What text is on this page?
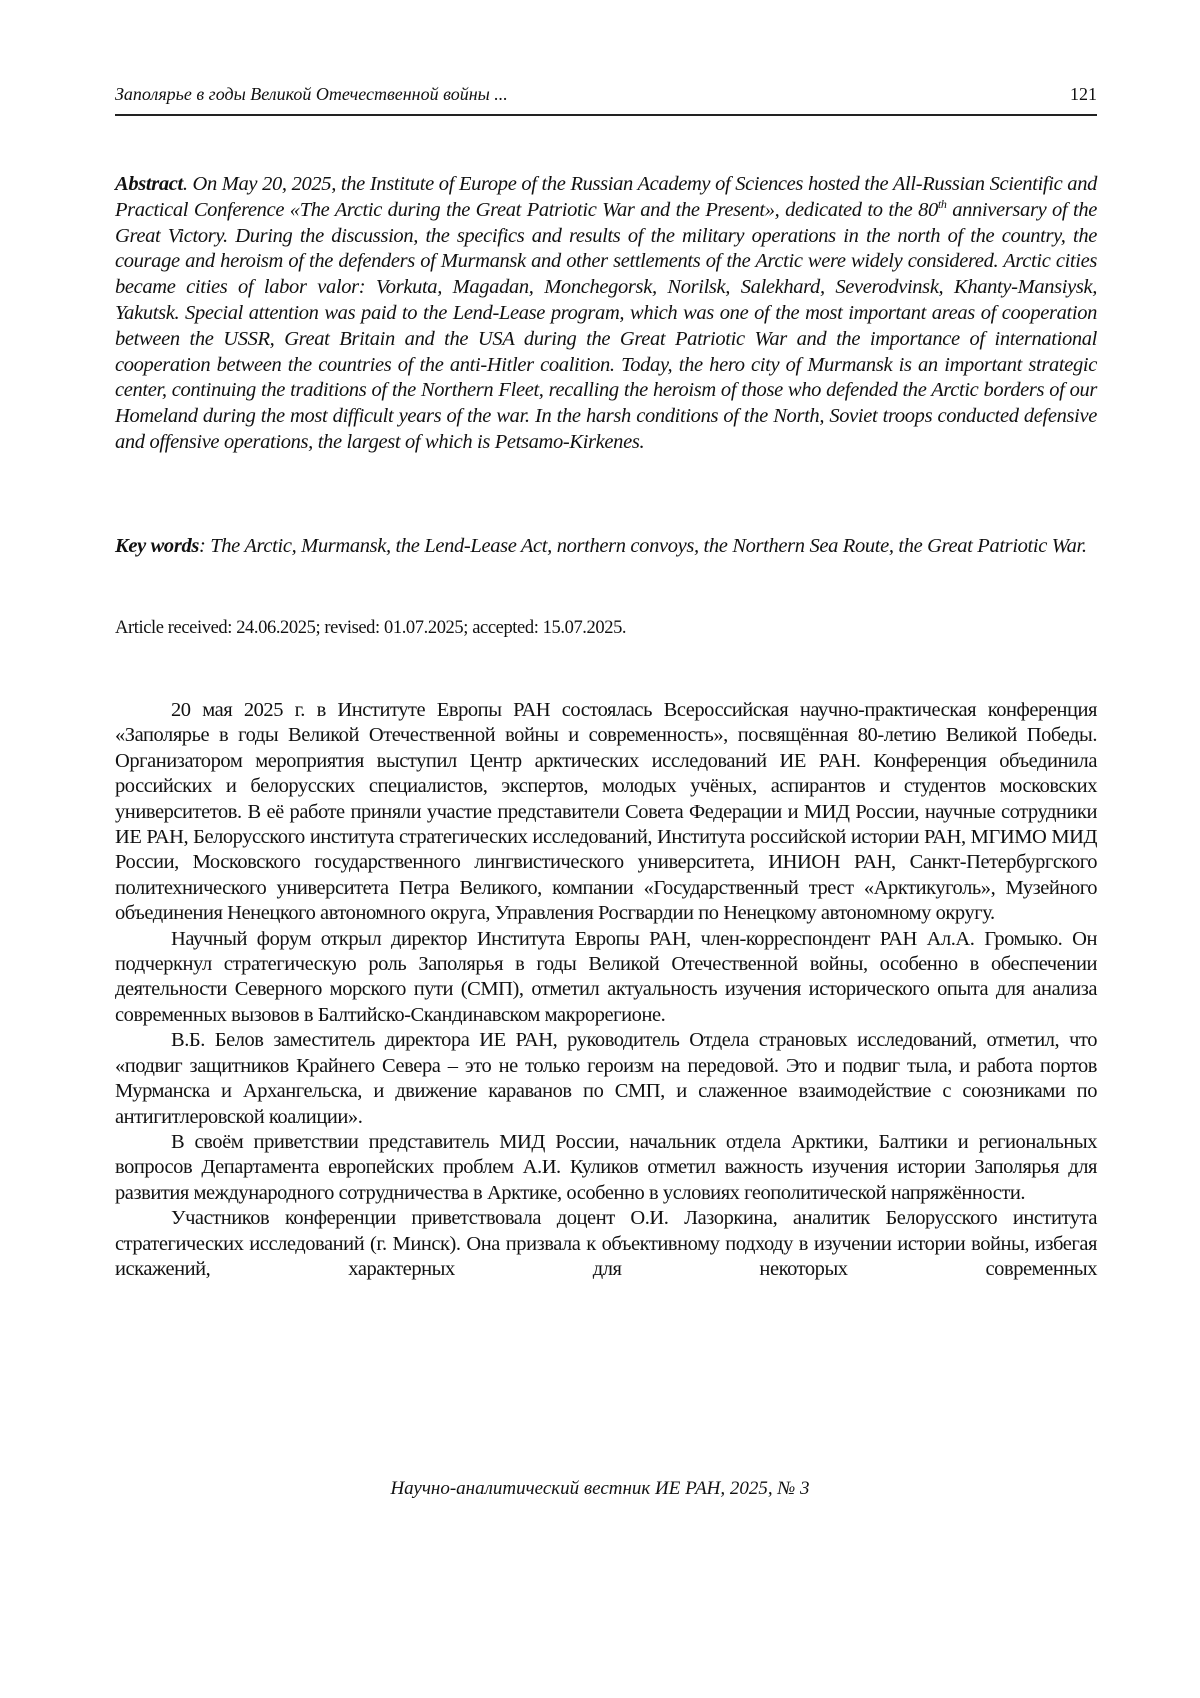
Заполярье в годы Великой Отечественной войны ...	121
Abstract. On May 20, 2025, the Institute of Europe of the Russian Academy of Sciences hosted the All-Russian Scientific and Practical Conference «The Arctic during the Great Patriotic War and the Present», dedicated to the 80th anniversary of the Great Victory. During the discussion, the specifics and results of the military operations in the north of the country, the courage and heroism of the defenders of Murmansk and other settlements of the Arctic were widely considered. Arctic cities became cities of labor valor: Vorkuta, Magadan, Monchegorsk, Norilsk, Salekhard, Severodvinsk, Khanty-Mansiysk, Yakutsk. Special attention was paid to the Lend-Lease program, which was one of the most important areas of cooperation between the USSR, Great Britain and the USA during the Great Patriotic War and the importance of international cooperation between the countries of the anti-Hitler coalition. Today, the hero city of Murmansk is an important strategic center, continuing the traditions of the Northern Fleet, recalling the heroism of those who defended the Arctic borders of our Homeland during the most difficult years of the war. In the harsh conditions of the North, Soviet troops conducted defensive and offensive operations, the largest of which is Petsamo-Kirkenes.
Key words: The Arctic, Murmansk, the Lend-Lease Act, northern convoys, the Northern Sea Route, the Great Patriotic War.
Article received: 24.06.2025; revised: 01.07.2025; accepted: 15.07.2025.

20 мая 2025 г. в Институте Европы РАН состоялась Всероссийская научно-практическая конференция «Заполярье в годы Великой Отечественной войны и современность», посвящённая 80-летию Великой Победы. Организатором мероприятия выступил Центр арктических исследований ИЕ РАН. Конференция объединила российских и белорусских специалистов, экспертов, молодых учёных, аспирантов и студентов московских университетов. В её работе приняли участие представители Совета Федерации и МИД России, научные сотрудники ИЕ РАН, Белорусского института стратегических исследований, Института российской истории РАН, МГИМО МИД России, Московского государственного лингвистического университета, ИНИОН РАН, Санкт-Петербургского политехнического университета Петра Великого, компании «Государственный трест «Арктикуголь», Музейного объединения Ненецкого автономного округа, Управления Росгвардии по Ненецкому автономному округу.

Научный форум открыл директор Института Европы РАН, член-корреспондент РАН Ал.А. Громыко. Он подчеркнул стратегическую роль Заполярья в годы Великой Отечественной войны, особенно в обеспечении деятельности Северного морского пути (СМП), отметил актуальность изучения исторического опыта для анализа современных вызовов в Балтийско-Скандинавском макрорегионе.

В.Б. Белов заместитель директора ИЕ РАН, руководитель Отдела страновых исследований, отметил, что «подвиг защитников Крайнего Севера – это не только героизм на передовой. Это и подвиг тыла, и работа портов Мурманска и Архангельска, и движение караванов по СМП, и слаженное взаимодействие с союзниками по антигитлеровской коалиции».

В своём приветствии представитель МИД России, начальник отдела Арктики, Балтики и региональных вопросов Департамента европейских проблем А.И. Куликов отметил важность изучения истории Заполярья для развития международного сотрудничества в Арктике, особенно в условиях геополитической напряжённости.

Участников конференции приветствовала доцент О.И. Лазоркина, аналитик Белорусского института стратегических исследований (г. Минск). Она призвала к объективному подходу в изучении истории войны, избегая искажений, характерных для некоторых современных

Научно-аналитический вестник ИЕ РАН, 2025, № 3
